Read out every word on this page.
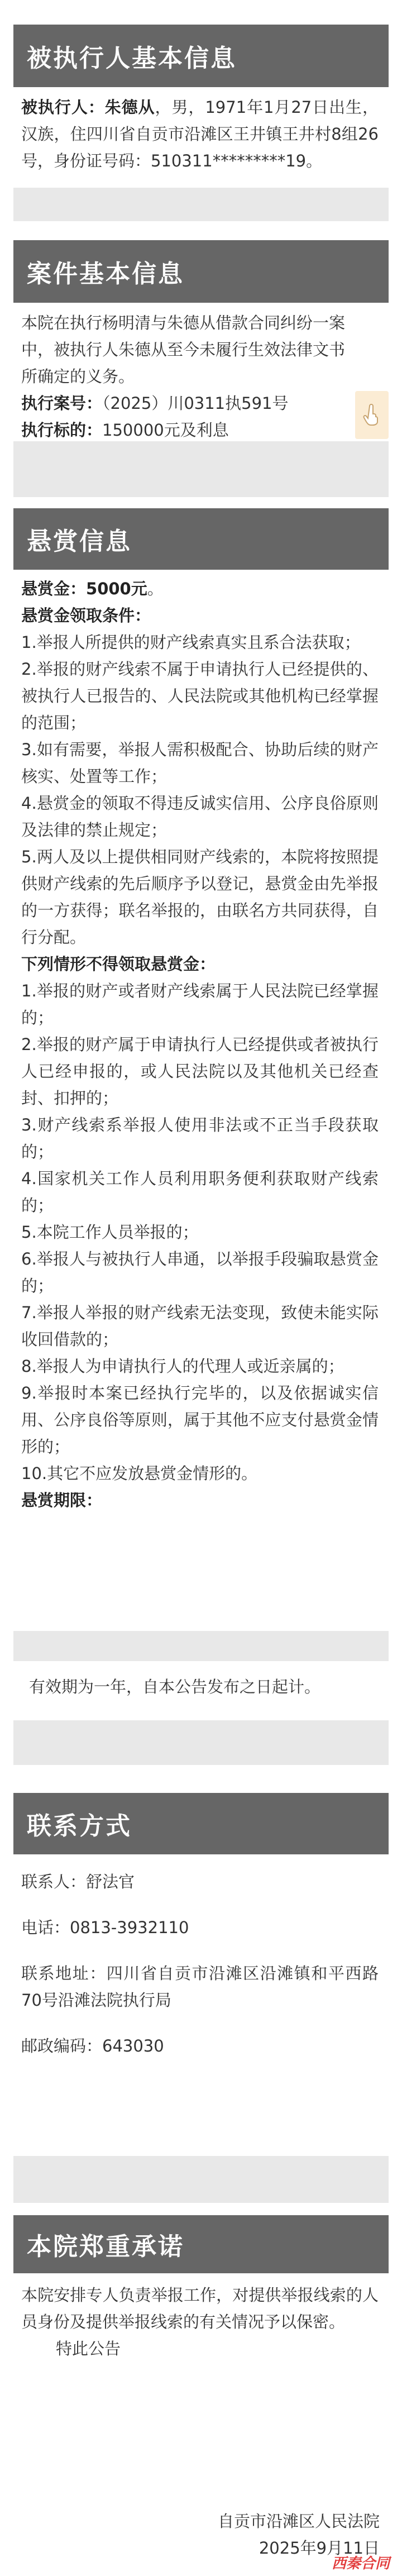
被执行人基本信息

被执行人：朱德从，男，1971年1月27日出生，汉族，住四川省自贡市沿滩区王井镇王井村8组26号，身份证号码：510311*********19。

案件基本信息
本院在执行杨明清与朱德从借款合同纠纷一案中，被执行人朱德从至今未履行生效法律文书所确定的义务。
执行案号：（2025）川0311执591号
执行标的：150000元及利息
悬赏信息
悬赏金：5000元。
悬赏金领取条件：
1.举报人所提供的财产线索真实且系合法获取；
2.举报的财产线索不属于申请执行人已经提供的、被执行人已报告的、人民法院或其他机构已经掌握的范围；
3.如有需要，举报人需积极配合、协助后续的财产核实、处置等工作；
4.悬赏金的领取不得违反诚实信用、公序良俗原则及法律的禁止规定；
5.两人及以上提供相同财产线索的，本院将按照提供财产线索的先后顺序予以登记，悬赏金由先举报的一方获得；联名举报的，由联名方共同获得，自行分配。
下列情形不得领取悬赏金：
1.举报的财产或者财产线索属于人民法院已经掌握的；
2.举报的财产属于申请执行人已经提供或者被执行人已经申报的，或人民法院以及其他机关已经查封、扣押的；
3.财产线索系举报人使用非法或不正当手段获取的；
4.国家机关工作人员利用职务便利获取财产线索的；
5.本院工作人员举报的；
6.举报人与被执行人串通，以举报手段骗取悬赏金的；
7.举报人举报的财产线索无法变现，致使未能实际收回借款的；
8.举报人为申请执行人的代理人或近亲属的；
9.举报时本案已经执行完毕的，以及依据诚实信用、公序良俗等原则，属于其他不应支付悬赏金情形的；
10.其它不应发放悬赏金情形的。
悬赏期限：

有效期为一年，自本公告发布之日起计。

联系方式
联系人：舒法官
电话：0813-3932110
联系地址：四川省自贡市沿滩区沿滩镇和平西路70号沿滩法院执行局
邮政编码：643030
本院郑重承诺
本院安排专人负责举报工作，对提供举报线索的人员身份及提供举报线索的有关情况予以保密。
特此公告
自贡市沿滩区人民法院
2025年9月11日
西秦合同
